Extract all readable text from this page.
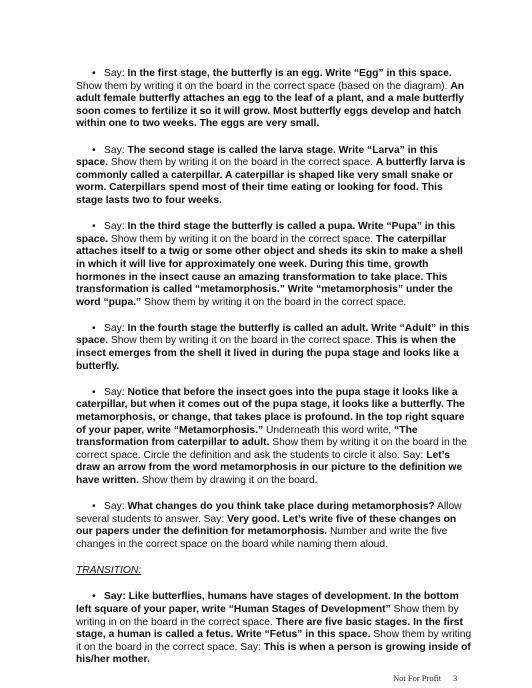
• Say: In the first stage, the butterfly is an egg. Write “Egg” in this space. Show them by writing it on the board in the correct space (based on the diagram). An adult female butterfly attaches an egg to the leaf of a plant, and a male butterfly soon comes to fertilize it so it will grow. Most butterfly eggs develop and hatch within one to two weeks. The eggs are very small.

• Say: The second stage is called the larva stage. Write “Larva” in this space. Show them by writing it on the board in the correct space. A butterfly larva is commonly called a caterpillar. A caterpillar is shaped like very small snake or worm. Caterpillars spend most of their time eating or looking for food. This stage lasts two to four weeks.

• Say: In the third stage the butterfly is called a pupa. Write “Pupa” in this space. Show them by writing it on the board in the correct space. The caterpillar attaches itself to a twig or some other object and sheds its skin to make a shell in which it will live for approximately one week. During this time, growth hormones in the insect cause an amazing transformation to take place. This transformation is called “metamorphosis.” Write “metamorphosis” under the word “pupa.” Show them by writing it on the board in the correct space.

• Say: In the fourth stage the butterfly is called an adult. Write “Adult” in this space. Show them by writing it on the board in the correct space. This is when the insect emerges from the shell it lived in during the pupa stage and looks like a butterfly.

• Say: Notice that before the insect goes into the pupa stage it looks like a caterpillar, but when it comes out of the pupa stage, it looks like a butterfly. The metamorphosis, or change, that takes place is profound. In the top right square of your paper, write “Metamorphosis.” Underneath this word write, “The transformation from caterpillar to adult. Show them by writing it on the board in the correct space. Circle the definition and ask the students to circle it also. Say: Let’s draw an arrow from the word metamorphosis in our picture to the definition we have written. Show them by drawing it on the board.

• Say: What changes do you think take place during metamorphosis? Allow several students to answer. Say: Very good. Let’s write five of these changes on our papers under the definition for metamorphosis. Number and write the five changes in the correct space on the board while naming them aloud.

TRANSITION:

• Say: Like butterflies, humans have stages of development. In the bottom left square of your paper, write “Human Stages of Development” Show them by writing in on the board in the correct space. There are five basic stages. In the first stage, a human is called a fetus. Write “Fetus” in this space. Show them by writing it on the board in the correct space. Say: This is when a person is growing inside of his/her mother.

Not For Profit 3
